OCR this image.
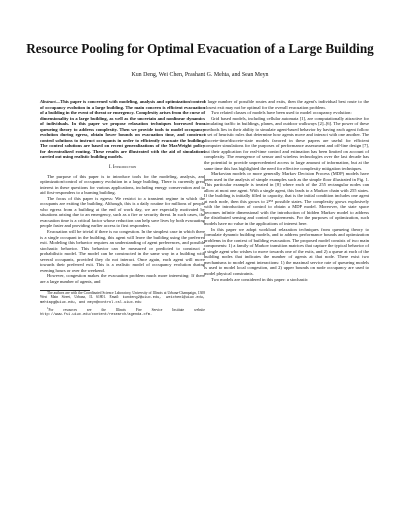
Resource Pooling for Optimal Evacuation of a Large Building
Kun Deng, Wei Chen, Prashant G. Mehta, and Sean Meyn

Abstract—This paper is concerned with modeling, analysis and optimization/control of occupancy evolution in a large building. The main concern is efficient evacuation of a building in the event of threat or emergency. Complexity arises from the curse of dimensionality in a large building, as well as the uncertain and nonlinear dynamics of individuals. In this paper we propose relaxation techniques borrowed from queueing theory to address complexity. Then we provide tools to model occupancy evolution during egress, obtain lower bounds on evacuation time, and construct control solutions to instruct occupants in order to efficiently evacuate the building. The control solutions are based on recent generalizations of the MaxWeight policy for decentralized routing. These results are illustrated with the aid of simulations carried out using realistic building models.

I. Introduction

The purpose of this paper is to introduce tools for the modeling, analysis, and optimization/control of occupancy evolution in a large building. There is currently great interest in these questions for various applications, including energy conservation and to aid first-responders to a burning building.

The focus of this paper is egress: We restrict to a transient regime in which the occupants are exiting the building. Although, this is a daily routine for millions of people who egress from a building at the end of work day, we are especially motivated by situations arising due to an emergency, such as a fire or security threat. In such cases, the evacuation time is a critical factor whose reduction can help save lives by both evacuating people faster and providing earlier access to first responders.

Evacuation will be trivial if there is no congestion. In the simplest case in which there is a single occupant in the building, this agent will leave the building using the preferred exit. Modeling this behavior requires an understanding of agent preferences, and possible stochastic behavior. This behavior can be measured or predicted to construct a probabilistic model. The model can be constructed in the same way in a building with several occupants, provided they do not interact. Once again, each agent will move towards their preferred exit. This is a realistic model of occupancy evolution during evening hours or over the weekend.

However, congestion makes the evacuation problem much more interesting: If there are a large number of agents, and

The authors are with the Coordinated Science Laboratory, University of Illinois at Urbana-Champaign, 1308 West Main Street, Urbana, IL 61801. Email: kundeng2@uiuc.edu, weichen1@uiuc.edu, mehtapg@uiuc.edu, and meyn@control.csl.uiuc.edu

$^1$For resources see the Illinois Fire Service Institute website http://www.fsi.uiuc.edu/content/research/agenda.cfm.

a large number of possible routes and exits, then the agent's individual best route to the closest exit may not be optimal for the overall evacuation problem.

Two related classes of models have been used to model occupancy evolution:

Grid based models, including cellular automata [1], are computationally attractive for simulating traffic in buildings, planes, and outdoor walkways [2]–[6]. The power of these methods lies in their ability to simulate agent-based behavior by having each agent follow a set of heuristic rules that determine how agents move and interact with one another. The discrete-time/discrete-state models favored in these papers are useful for efficient computer simulations for the purposes of performance assessment and off-line design [7], but their application for real-time control and estimation has been limited on account of complexity. The emergence of sensor and wireless technologies over the last decade has the potential to provide unprecedented access to large amount of information, but at the same time this has highlighted the need for effective complexity mitigation techniques.

Markovian models or more generally Markov Decision Process (MDP) models have been used in the analysis of simple examples such as the simple floor illustrated in Fig. 1. This particular example is treated in [8] where each of the 255 rectangular nodes can allow at most one agent. With a single agent, this leads to a Markov chain with 255 states. If the building is initially filled to capacity, that is the initial condition includes one agent at each node, then this grows to 2²⁵⁵ possible states. The complexity grows explosively with the introduction of control to obtain a MDP model. Moreover, the state space becomes infinite dimensional with the introduction of hidden Markov model to address the distributed sensing and control requirements. For the purposes of optimization, such models have no value in the applications of interest here.

In this paper we adopt workload relaxation techniques from queueing theory to formulate dynamic building models, and to address performance bounds and optimization problems in the context of building evacuation. The proposed model consists of two main components: 1) a family of Markov transition matrices that capture the typical behavior of a single agent who wishes to move towards one of the exits, and 2) a queue at each of the building nodes that indicates the number of agents at that node. There exist two mechanisms to model agent interactions: 1) the maximal service rate of queueing models is used to model local congestion, and 2) upper bounds on node occupancy are used to model physical constraints.

Two models are considered in this paper: a stochastic
